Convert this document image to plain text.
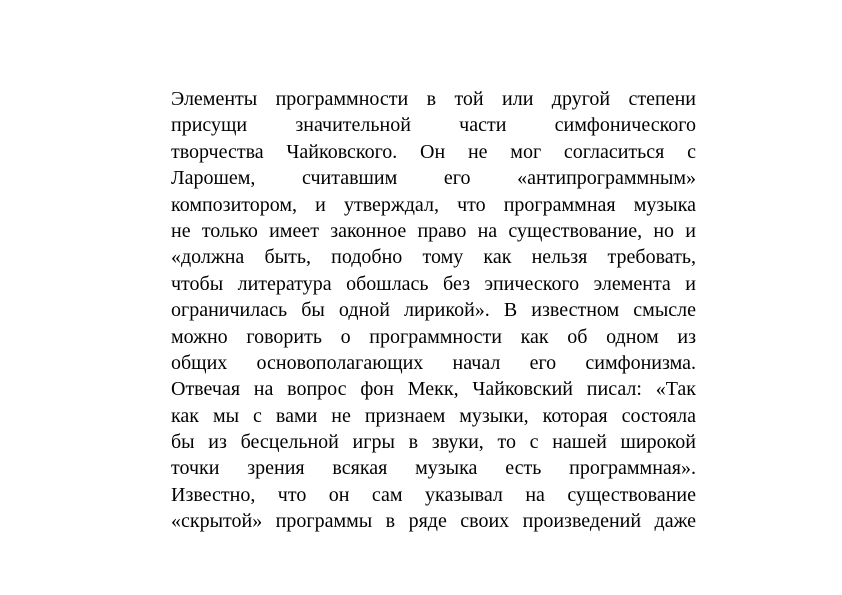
Элементы программности в той или другой степени
присущи значительной части симфонического
творчества Чайковского. Он не мог согласиться с
Ларошем, считавшим его «антипрограммным»
композитором, и утверждал, что программная музыка
не только имеет законное право на существование, но и
«должна быть, подобно тому как нельзя требовать,
чтобы литература обошлась без эпического элемента и
ограничилась бы одной лирикой». В известном смысле
можно говорить о программности как об одном из
общих основополагающих начал его симфонизма.
Отвечая на вопрос фон Мекк, Чайковский писал: «Так
как мы с вами не признаем музыки, которая состояла
бы из бесцельной игры в звуки, то с нашей широкой
точки зрения всякая музыка есть программная».
Известно, что он сам указывал на существование
«скрытой» программы в ряде своих произведений даже
